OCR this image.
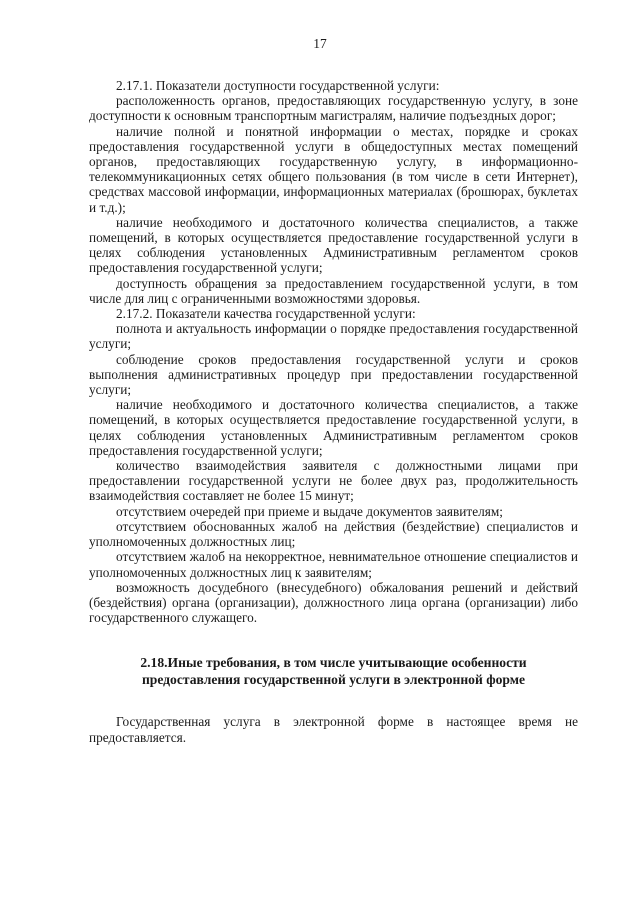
17

2.17.1. Показатели доступности государственной услуги:

расположенность органов, предоставляющих государственную услугу, в зоне доступности к основным транспортным магистралям, наличие подъездных дорог;

наличие полной и понятной информации о местах, порядке и сроках предоставления государственной услуги в общедоступных местах помещений органов, предоставляющих государственную услугу, в информационно-телекоммуникационных сетях общего пользования (в том числе в сети Интернет), средствах массовой информации, информационных материалах (брошюрах, буклетах и т.д.);

наличие необходимого и достаточного количества специалистов, а также помещений, в которых осуществляется предоставление государственной услуги в целях соблюдения установленных Административным регламентом сроков предоставления государственной услуги;

доступность обращения за предоставлением государственной услуги, в том числе для лиц с ограниченными возможностями здоровья.

2.17.2. Показатели качества государственной услуги:

полнота и актуальность информации о порядке предоставления государственной услуги;

соблюдение сроков предоставления государственной услуги и сроков выполнения административных процедур при предоставлении государственной услуги;

наличие необходимого и достаточного количества специалистов, а также помещений, в которых осуществляется предоставление государственной услуги, в целях соблюдения установленных Административным регламентом сроков предоставления государственной услуги;

количество взаимодействия заявителя с должностными лицами при предоставлении государственной услуги не более двух раз, продолжительность взаимодействия составляет не более 15 минут;

отсутствием очередей при приеме и выдаче документов заявителям;

отсутствием обоснованных жалоб на действия (бездействие) специалистов и уполномоченных должностных лиц;

отсутствием жалоб на некорректное, невнимательное отношение специалистов и уполномоченных должностных лиц к заявителям;

возможность досудебного (внесудебного) обжалования решений и действий (бездействия) органа (организации), должностного лица органа (организации) либо государственного служащего.

2.18.Иные требования, в том числе учитывающие особенности
предоставления государственной услуги в электронной форме

Государственная услуга в электронной форме в настоящее время не предоставляется.
